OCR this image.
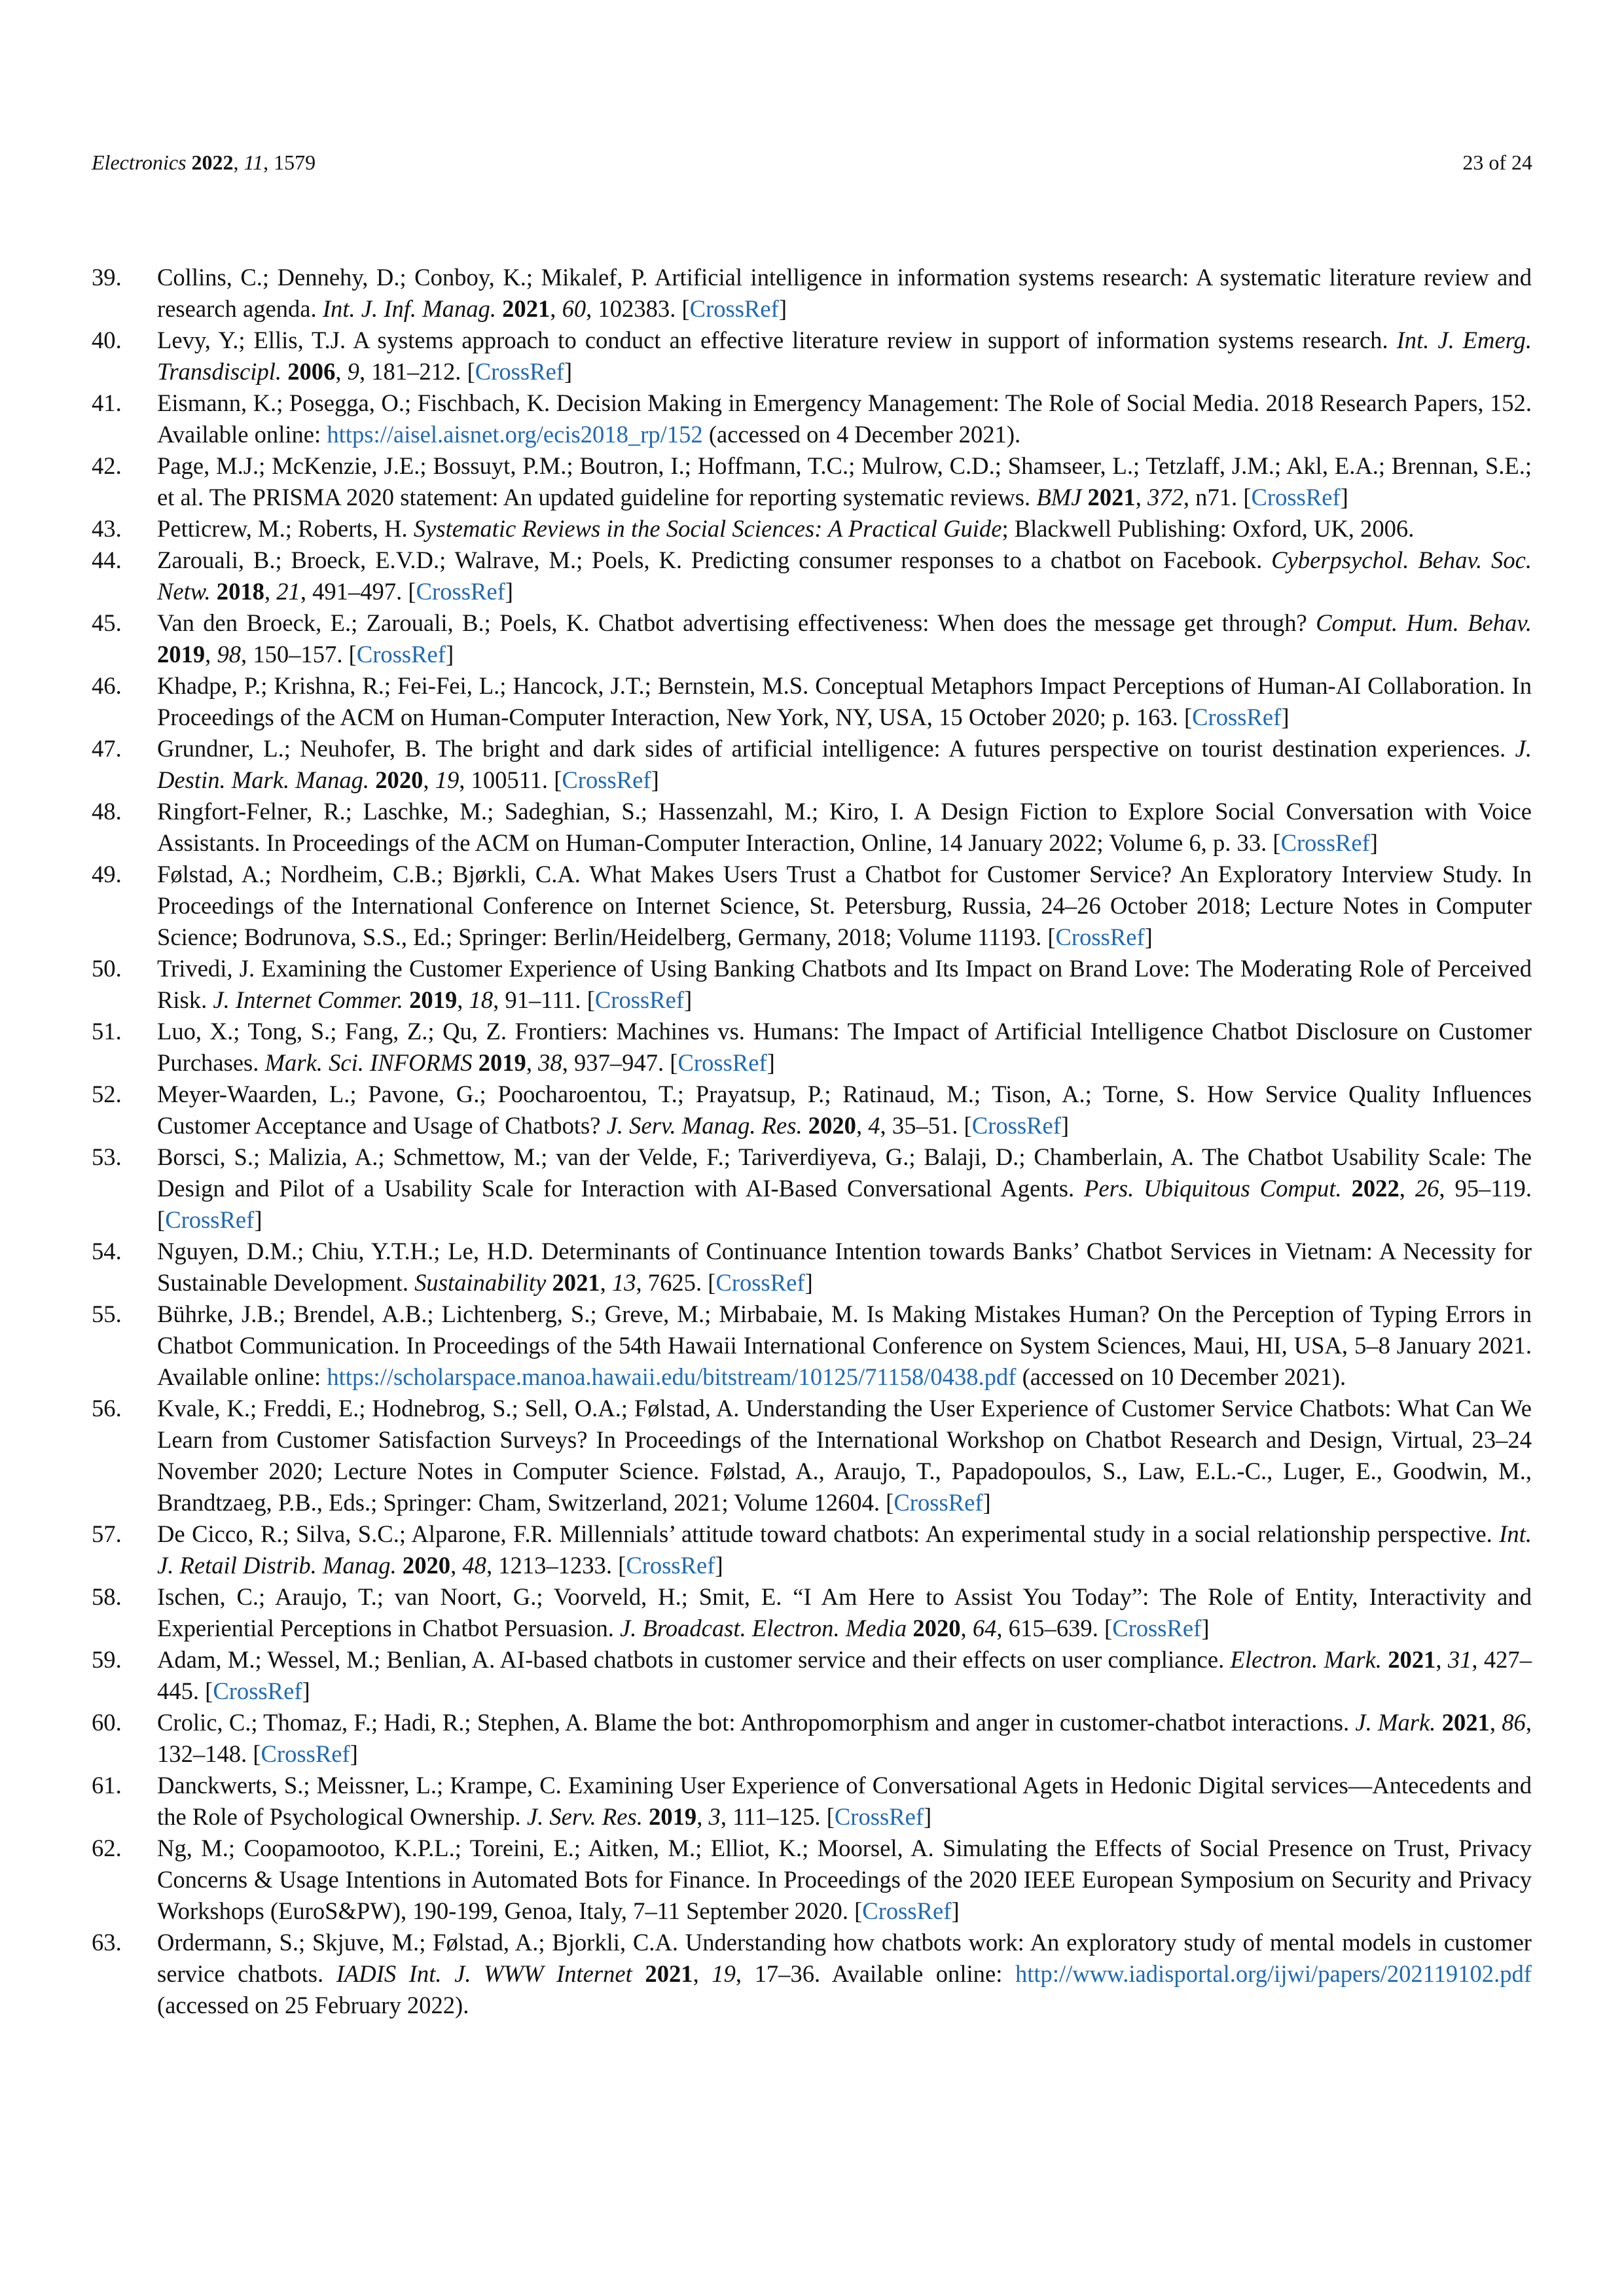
Electronics 2022, 11, 1579	23 of 24
39. Collins, C.; Dennehy, D.; Conboy, K.; Mikalef, P. Artificial intelligence in information systems research: A systematic literature review and research agenda. Int. J. Inf. Manag. 2021, 60, 102383. [CrossRef]
40. Levy, Y.; Ellis, T.J. A systems approach to conduct an effective literature review in support of information systems research. Int. J. Emerg. Transdiscipl. 2006, 9, 181–212. [CrossRef]
41. Eismann, K.; Posegga, O.; Fischbach, K. Decision Making in Emergency Management: The Role of Social Media. 2018 Research Papers, 152. Available online: https://aisel.aisnet.org/ecis2018_rp/152 (accessed on 4 December 2021).
42. Page, M.J.; McKenzie, J.E.; Bossuyt, P.M.; Boutron, I.; Hoffmann, T.C.; Mulrow, C.D.; Shamseer, L.; Tetzlaff, J.M.; Akl, E.A.; Brennan, S.E.; et al. The PRISMA 2020 statement: An updated guideline for reporting systematic reviews. BMJ 2021, 372, n71. [CrossRef]
43. Petticrew, M.; Roberts, H. Systematic Reviews in the Social Sciences: A Practical Guide; Blackwell Publishing: Oxford, UK, 2006.
44. Zarouali, B.; Broeck, E.V.D.; Walrave, M.; Poels, K. Predicting consumer responses to a chatbot on Facebook. Cyberpsychol. Behav. Soc. Netw. 2018, 21, 491–497. [CrossRef]
45. Van den Broeck, E.; Zarouali, B.; Poels, K. Chatbot advertising effectiveness: When does the message get through? Comput. Hum. Behav. 2019, 98, 150–157. [CrossRef]
46. Khadpe, P.; Krishna, R.; Fei-Fei, L.; Hancock, J.T.; Bernstein, M.S. Conceptual Metaphors Impact Perceptions of Human-AI Collaboration. In Proceedings of the ACM on Human-Computer Interaction, New York, NY, USA, 15 October 2020; p. 163. [CrossRef]
47. Grundner, L.; Neuhofer, B. The bright and dark sides of artificial intelligence: A futures perspective on tourist destination experiences. J. Destin. Mark. Manag. 2020, 19, 100511. [CrossRef]
48. Ringfort-Felner, R.; Laschke, M.; Sadeghian, S.; Hassenzahl, M.; Kiro, I. A Design Fiction to Explore Social Conversation with Voice Assistants. In Proceedings of the ACM on Human-Computer Interaction, Online, 14 January 2022; Volume 6, p. 33. [CrossRef]
49. Følstad, A.; Nordheim, C.B.; Bjørkli, C.A. What Makes Users Trust a Chatbot for Customer Service? An Exploratory Interview Study. In Proceedings of the International Conference on Internet Science, St. Petersburg, Russia, 24–26 October 2018; Lecture Notes in Computer Science; Bodrunova, S.S., Ed.; Springer: Berlin/Heidelberg, Germany, 2018; Volume 11193. [CrossRef]
50. Trivedi, J. Examining the Customer Experience of Using Banking Chatbots and Its Impact on Brand Love: The Moderating Role of Perceived Risk. J. Internet Commer. 2019, 18, 91–111. [CrossRef]
51. Luo, X.; Tong, S.; Fang, Z.; Qu, Z. Frontiers: Machines vs. Humans: The Impact of Artificial Intelligence Chatbot Disclosure on Customer Purchases. Mark. Sci. INFORMS 2019, 38, 937–947. [CrossRef]
52. Meyer-Waarden, L.; Pavone, G.; Poocharoentou, T.; Prayatsup, P.; Ratinaud, M.; Tison, A.; Torne, S. How Service Quality Influences Customer Acceptance and Usage of Chatbots? J. Serv. Manag. Res. 2020, 4, 35–51. [CrossRef]
53. Borsci, S.; Malizia, A.; Schmettow, M.; van der Velde, F.; Tariverdiyeva, G.; Balaji, D.; Chamberlain, A. The Chatbot Usability Scale: The Design and Pilot of a Usability Scale for Interaction with AI-Based Conversational Agents. Pers. Ubiquitous Comput. 2022, 26, 95–119. [CrossRef]
54. Nguyen, D.M.; Chiu, Y.T.H.; Le, H.D. Determinants of Continuance Intention towards Banks’ Chatbot Services in Vietnam: A Necessity for Sustainable Development. Sustainability 2021, 13, 7625. [CrossRef]
55. Bührke, J.B.; Brendel, A.B.; Lichtenberg, S.; Greve, M.; Mirbabaie, M. Is Making Mistakes Human? On the Perception of Typing Errors in Chatbot Communication. In Proceedings of the 54th Hawaii International Conference on System Sciences, Maui, HI, USA, 5–8 January 2021. Available online: https://scholarspace.manoa.hawaii.edu/bitstream/10125/71158/0438.pdf (accessed on 10 December 2021).
56. Kvale, K.; Freddi, E.; Hodnebrog, S.; Sell, O.A.; Følstad, A. Understanding the User Experience of Customer Service Chatbots: What Can We Learn from Customer Satisfaction Surveys? In Proceedings of the International Workshop on Chatbot Research and Design, Virtual, 23–24 November 2020; Lecture Notes in Computer Science. Følstad, A., Araujo, T., Papadopoulos, S., Law, E.L.-C., Luger, E., Goodwin, M., Brandtzaeg, P.B., Eds.; Springer: Cham, Switzerland, 2021; Volume 12604. [CrossRef]
57. De Cicco, R.; Silva, S.C.; Alparone, F.R. Millennials’ attitude toward chatbots: An experimental study in a social relationship perspective. Int. J. Retail Distrib. Manag. 2020, 48, 1213–1233. [CrossRef]
58. Ischen, C.; Araujo, T.; van Noort, G.; Voorveld, H.; Smit, E. “I Am Here to Assist You Today”: The Role of Entity, Interactivity and Experiential Perceptions in Chatbot Persuasion. J. Broadcast. Electron. Media 2020, 64, 615–639. [CrossRef]
59. Adam, M.; Wessel, M.; Benlian, A. AI-based chatbots in customer service and their effects on user compliance. Electron. Mark. 2021, 31, 427–445. [CrossRef]
60. Crolic, C.; Thomaz, F.; Hadi, R.; Stephen, A. Blame the bot: Anthropomorphism and anger in customer-chatbot interactions. J. Mark. 2021, 86, 132–148. [CrossRef]
61. Danckwerts, S.; Meissner, L.; Krampe, C. Examining User Experience of Conversational Agets in Hedonic Digital services—Antecedents and the Role of Psychological Ownership. J. Serv. Res. 2019, 3, 111–125. [CrossRef]
62. Ng, M.; Coopamootoo, K.P.L.; Toreini, E.; Aitken, M.; Elliot, K.; Moorsel, A. Simulating the Effects of Social Presence on Trust, Privacy Concerns & Usage Intentions in Automated Bots for Finance. In Proceedings of the 2020 IEEE European Symposium on Security and Privacy Workshops (EuroS&PW), 190-199, Genoa, Italy, 7–11 September 2020. [CrossRef]
63. Ordermann, S.; Skjuve, M.; Følstad, A.; Bjorkli, C.A. Understanding how chatbots work: An exploratory study of mental models in customer service chatbots. IADIS Int. J. WWW Internet 2021, 19, 17–36. Available online: http://www.iadisportal.org/ijwi/papers/202119102.pdf (accessed on 25 February 2022).
